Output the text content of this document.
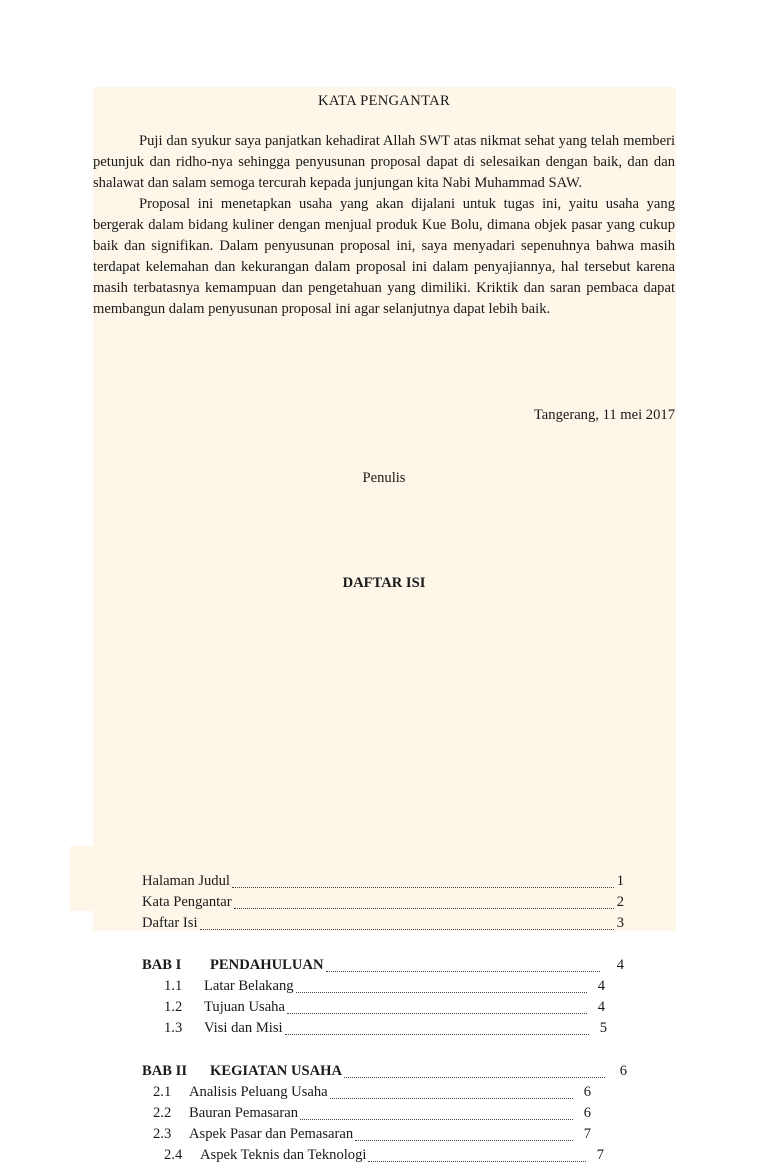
KATA PENGANTAR

Puji dan syukur saya panjatkan kehadirat Allah SWT atas nikmat sehat yang telah memberi petunjuk dan ridho-nya sehingga penyusunan proposal dapat di selesaikan dengan baik, dan dan shalawat dan salam semoga tercurah kepada junjungan kita Nabi Muhammad SAW.

Proposal ini menetapkan usaha yang akan dijalani untuk tugas ini, yaitu usaha yang bergerak dalam bidang kuliner dengan menjual produk Kue Bolu, dimana objek pasar yang cukup baik dan signifikan. Dalam penyusunan proposal ini, saya menyadari sepenuhnya bahwa masih terdapat kelemahan dan kekurangan dalam proposal ini dalam penyajiannya, hal tersebut karena masih terbatasnya kemampuan dan pengetahuan yang dimiliki. Kriktik dan saran pembaca dapat membangun dalam penyusunan proposal ini agar selanjutnya dapat lebih baik.

Tangerang, 11 mei 2017

Penulis

DAFTAR ISI

Halaman Judul	1
Kata Pengantar	2
Daftar Isi	3
BAB I	PENDAHULUAN	4
1.1	Latar Belakang	4
1.2	Tujuan Usaha	4
1.3	Visi dan Misi	5
BAB II	KEGIATAN USAHA	6
2.1	Analisis Peluang Usaha	6
2.2	Bauran Pemasaran	6
2.3	Aspek Pasar dan Pemasaran	7
2.4	Aspek Teknis dan Teknologi	7
